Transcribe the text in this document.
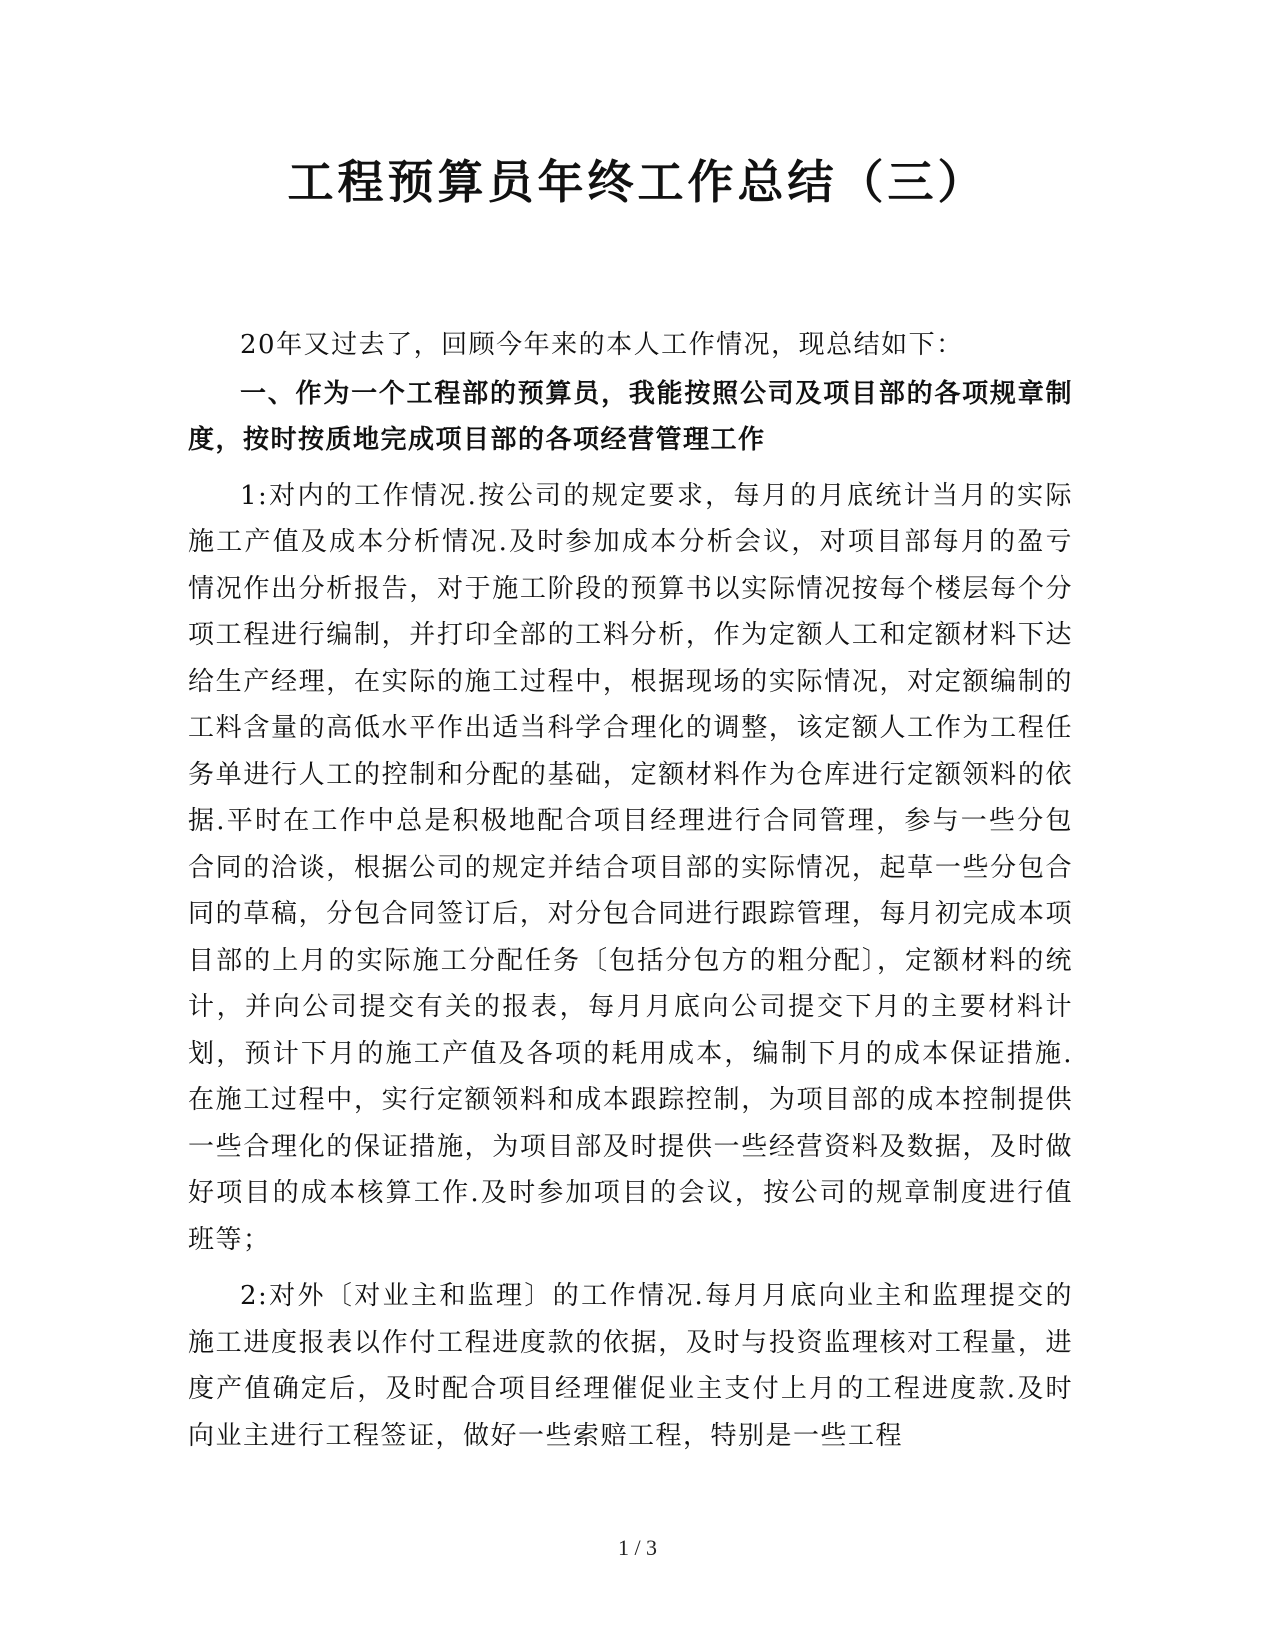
工程预算员年终工作总结（三）

20年又过去了，回顾今年来的本人工作情况，现总结如下：

一、作为一个工程部的预算员，我能按照公司及项目部的各项规章制度，按时按质地完成项目部的各项经营管理工作

1:对内的工作情况.按公司的规定要求，每月的月底统计当月的实际施工产值及成本分析情况.及时参加成本分析会议，对项目部每月的盈亏情况作出分析报告，对于施工阶段的预算书以实际情况按每个楼层每个分项工程进行编制，并打印全部的工料分析，作为定额人工和定额材料下达给生产经理，在实际的施工过程中，根据现场的实际情况，对定额编制的工料含量的高低水平作出适当科学合理化的调整，该定额人工作为工程任务单进行人工的控制和分配的基础，定额材料作为仓库进行定额领料的依据.平时在工作中总是积极地配合项目经理进行合同管理，参与一些分包合同的洽谈，根据公司的规定并结合项目部的实际情况，起草一些分包合同的草稿，分包合同签订后，对分包合同进行跟踪管理，每月初完成本项目部的上月的实际施工分配任务〔包括分包方的粗分配〕，定额材料的统计，并向公司提交有关的报表，每月月底向公司提交下月的主要材料计划，预计下月的施工产值及各项的耗用成本，编制下月的成本保证措施.在施工过程中，实行定额领料和成本跟踪控制，为项目部的成本控制提供一些合理化的保证措施，为项目部及时提供一些经营资料及数据，及时做好项目的成本核算工作.及时参加项目的会议，按公司的规章制度进行值班等；

2:对外〔对业主和监理〕的工作情况.每月月底向业主和监理提交的施工进度报表以作付工程进度款的依据，及时与投资监理核对工程量，进度产值确定后，及时配合项目经理催促业主支付上月的工程进度款.及时向业主进行工程签证，做好一些索赔工程，特别是一些工程

1 / 3
